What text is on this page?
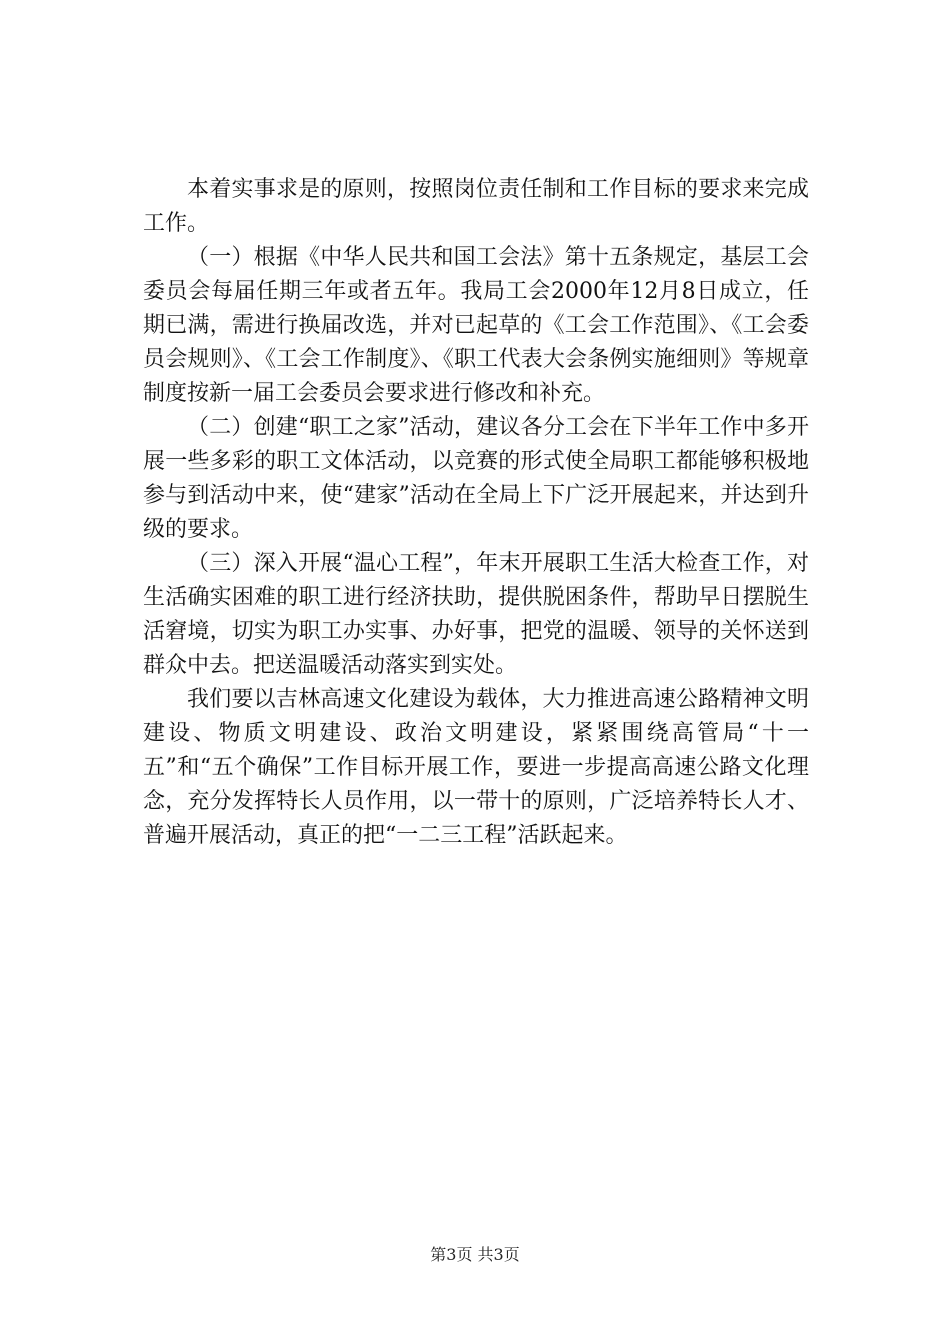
本着实事求是的原则，按照岗位责任制和工作目标的要求来完成工作。

（一）根据《中华人民共和国工会法》第十五条规定，基层工会委员会每届任期三年或者五年。我局工会2000年12月8日成立，任期已满，需进行换届改选，并对已起草的《工会工作范围》、《工会委员会规则》、《工会工作制度》、《职工代表大会条例实施细则》等规章制度按新一届工会委员会要求进行修改和补充。

（二）创建“职工之家”活动，建议各分工会在下半年工作中多开展一些多彩的职工文体活动，以竞赛的形式使全局职工都能够积极地参与到活动中来，使“建家”活动在全局上下广泛开展起来，并达到升级的要求。

（三）深入开展“温心工程”，年末开展职工生活大检查工作，对生活确实困难的职工进行经济扶助，提供脱困条件，帮助早日摆脱生活窘境，切实为职工办实事、办好事，把党的温暖、领导的关怀送到群众中去。把送温暖活动落实到实处。

我们要以吉林高速文化建设为载体，大力推进高速公路精神文明建设、物质文明建设、政治文明建设，紧紧围绕高管局“十一五”和“五个确保”工作目标开展工作，要进一步提高高速公路文化理念，充分发挥特长人员作用，以一带十的原则，广泛培养特长人才、普遍开展活动，真正的把“一二三工程”活跃起来。

第3页 共3页
